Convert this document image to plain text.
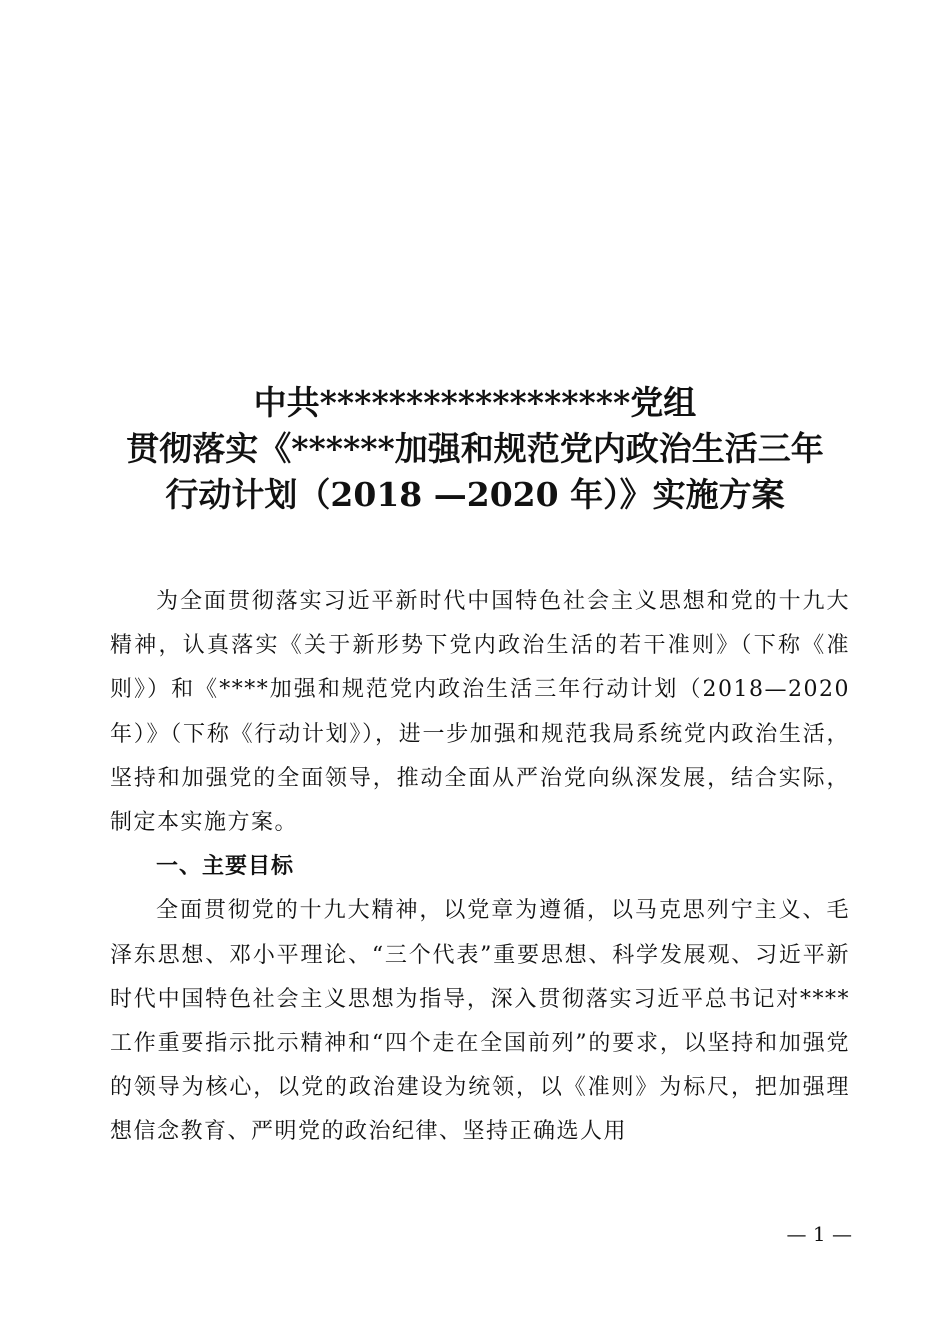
中共******************党组
贯彻落实《******加强和规范党内政治生活三年
行动计划（2018 —2020 年）》实施方案

为全面贯彻落实习近平新时代中国特色社会主义思想和党的十九大精神，认真落实《关于新形势下党内政治生活的若干准则》（下称《准则》）和《****加强和规范党内政治生活三年行动计划（2018—2020 年）》（下称《行动计划》），进一步加强和规范我局系统党内政治生活，坚持和加强党的全面领导，推动全面从严治党向纵深发展，结合实际，制定本实施方案。

一、主要目标

全面贯彻党的十九大精神，以党章为遵循，以马克思列宁主义、毛泽东思想、邓小平理论、“三个代表”重要思想、科学发展观、习近平新时代中国特色社会主义思想为指导，深入贯彻落实习近平总书记对****工作重要指示批示精神和“四个走在全国前列”的要求，以坚持和加强党的领导为核心，以党的政治建设为统领，以《准则》为标尺，把加强理想信念教育、严明党的政治纪律、坚持正确选人用

— 1 —
